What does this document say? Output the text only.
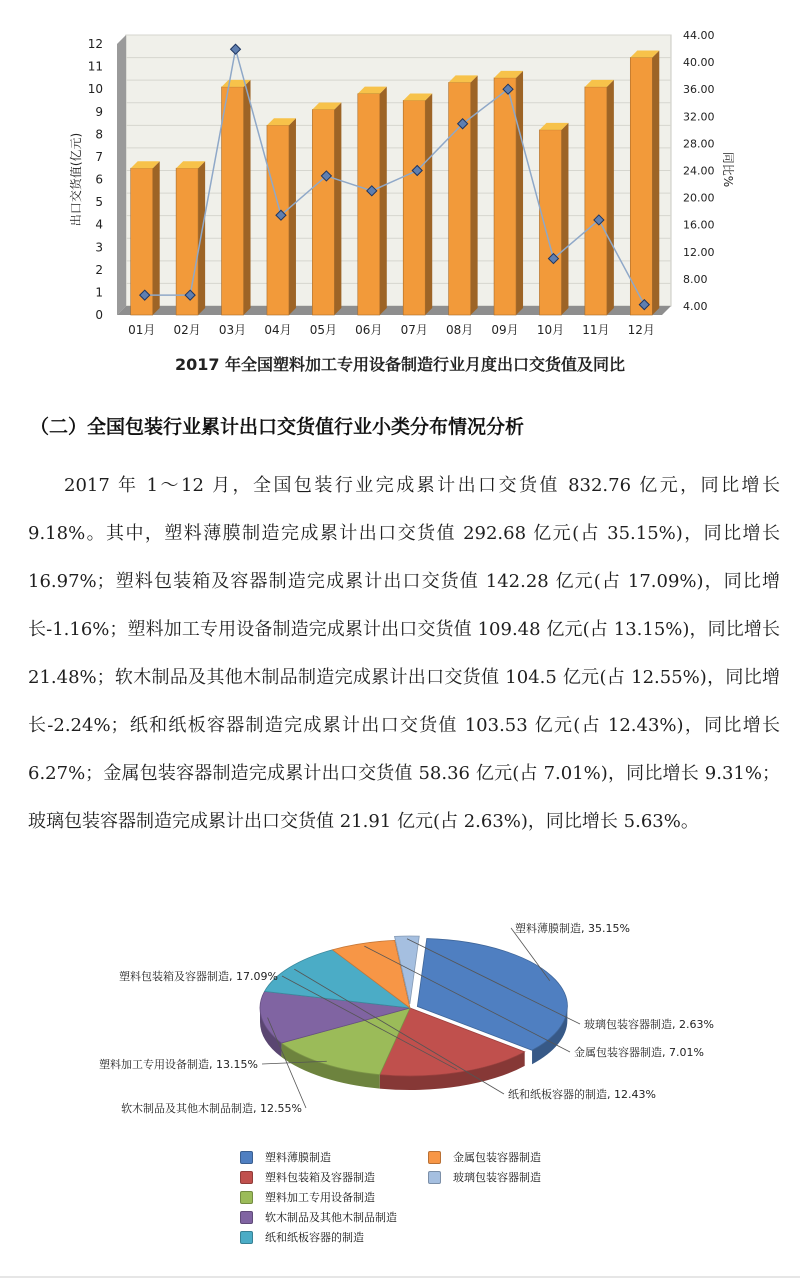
0
1
2
3
4
5
6
7
8
9
10
11
12
4.00
8.00
12.00
16.00
20.00
24.00
28.00
32.00
36.00
40.00
44.00
出口交货值(亿元)	同比%
01月 02月 03月 04月 05月 06月 07月 08月 09月 10月 11月 12月
2017 年全国塑料加工专用设备制造行业月度出口交货值及同比
（二）全国包装行业累计出口交货值行业小类分布情况分析
2017 年 1～12 月，全国包装行业完成累计出口交货值 832.76 亿元，同比增长 9.18%。其中，塑料薄膜制造完成累计出口交货值 292.68 亿元(占 35.15%)，同比增长 16.97%；塑料包装箱及容器制造完成累计出口交货值 142.28 亿元(占 17.09%)，同比增长-1.16%；塑料加工专用设备制造完成累计出口交货值 109.48 亿元(占 13.15%)，同比增长 21.48%；软木制品及其他木制品制造完成累计出口交货值 104.5 亿元(占 12.55%)，同比增长-2.24%；纸和纸板容器制造完成累计出口交货值 103.53 亿元(占 12.43%)，同比增长 6.27%；金属包装容器制造完成累计出口交货值 58.36 亿元(占 7.01%)，同比增长 9.31%；玻璃包装容器制造完成累计出口交货值 21.91 亿元(占 2.63%)，同比增长 5.63%。
塑料薄膜制造, 35.15%
塑料包装箱及容器制造, 17.09%
塑料加工专用设备制造, 13.15%
软木制品及其他木制品制造, 12.55%
纸和纸板容器的制造, 12.43%
金属包装容器制造, 7.01%
玻璃包装容器制造, 2.63%
塑料薄膜制造
塑料包装箱及容器制造
塑料加工专用设备制造
软木制品及其他木制品制造
纸和纸板容器的制造
金属包装容器制造
玻璃包装容器制造
